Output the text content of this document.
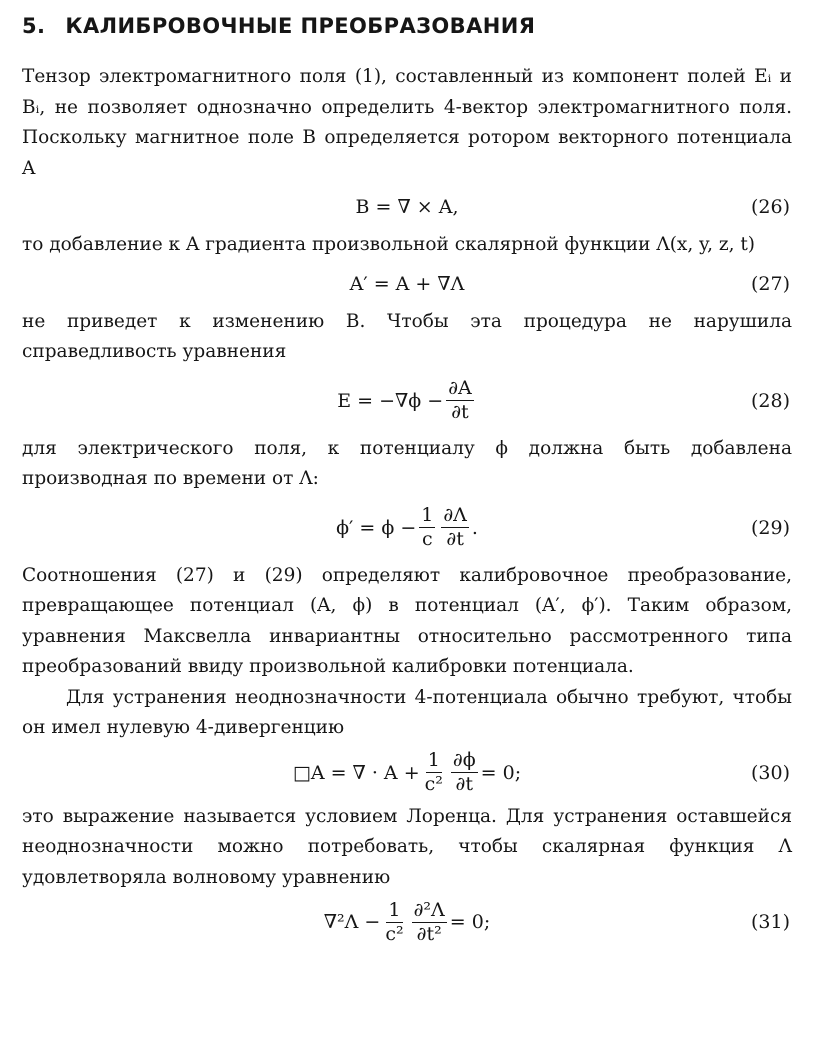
5. КАЛИБРОВОЧНЫЕ ПРЕОБРАЗОВАНИЯ

Тензор электромагнитного поля (1), составленный из компонент полей Eᵢ и Bᵢ, не позволяет однозначно определить 4-вектор электромагнитного поля. Поскольку магнитное поле B определяется ротором векторного потенциала A

B = ∇ × A,	(26)

то добавление к A градиента произвольной скалярной функции Λ(x, y, z, t)

A′ = A + ∇Λ	(27)

не приведет к изменению B. Чтобы эта процедура не нарушила справедливость уравнения

$E = -\nabla\phi - \frac{\partial A}{\partial t}$	(28)

для электрического поля, к потенциалу ϕ должна быть добавлена производная по времени от Λ:

$\phi' = \phi - \frac{1}{c} \frac{\partial\Lambda}{\partial t}$ .	(29)

Соотношения (27) и (29) определяют калибровочное преобразование, превращающее потенциал (A, ϕ) в потенциал (A′, ϕ′). Таким образом, уравнения Максвелла инвариантны относительно рассмотренного типа преобразований ввиду произвольной калибровки потенциала.

Для устранения неоднозначности 4-потенциала обычно требуют, чтобы он имел нулевую 4-дивергенцию

□A = ∇ · $A + \frac{1}{\text{c²}} \frac{\partial\phi}{\partial t} = 0$;	(30)

это выражение называется условием Лоренца. Для устранения оставшейся неоднозначности можно потребовать, чтобы скалярная функция Λ удовлетворяла волновому уравнению

$\nabla^2\Lambda - \frac{1}{\text{c²}} \frac{\text{∂²Λ}}{\text{∂t²}} = 0$;	(31)
